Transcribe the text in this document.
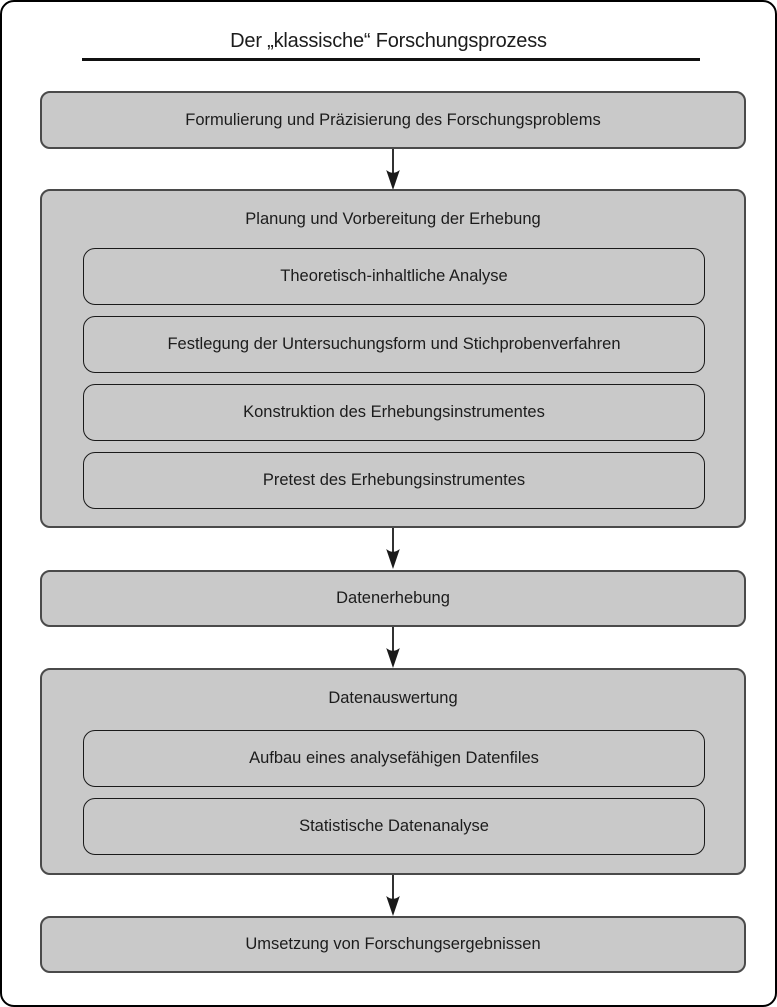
Der „klassische“ Forschungsprozess
Formulierung und Präzisierung des Forschungsproblems
Planung und Vorbereitung der Erhebung
Theoretisch-inhaltliche Analyse
Festlegung der Untersuchungsform und Stichprobenverfahren
Konstruktion des Erhebungsinstrumentes
Pretest des Erhebungsinstrumentes
Datenerhebung
Datenauswertung
Aufbau eines analysefähigen Datenfiles
Statistische Datenanalyse
Umsetzung von Forschungsergebnissen
